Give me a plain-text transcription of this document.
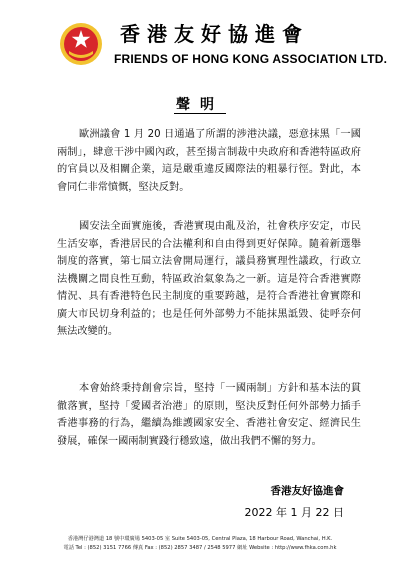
香港友好協進會
FRIENDS OF HONG KONG ASSOCIATION LTD.
聲明

歐洲議會 1 月 20 日通過了所謂的涉港決議，惡意抹黑「一國兩制」，肆意干涉中國內政，甚至揚言制裁中央政府和香港特區政府的官員以及相關企業，這是嚴重違反國際法的粗暴行徑。對此，本會同仁非常憤慨，堅決反對。

國安法全面實施後，香港實現由亂及治，社會秩序安定，市民生活安寧，香港居民的合法權利和自由得到更好保障。隨着新選舉制度的落實，第七屆立法會開局運行，議員務實理性議政，行政立法機關之間良性互動，特區政治氣象為之一新。這是符合香港實際情況、具有香港特色民主制度的重要跨越，是符合香港社會實際和廣大市民切身利益的；也是任何外部勢力不能抹黑詆毀、徒呼奈何無法改變的。

本會始終秉持創會宗旨，堅持「一國兩制」方針和基本法的貫徹落實，堅持「愛國者治港」的原則，堅決反對任何外部勢力插手香港事務的行為，繼續為維護國家安全、香港社會安定、經濟民生發展，確保一國兩制實踐行穩致遠，做出我們不懈的努力。

香港友好協進會
2022 年 1 月 22 日
香港灣仔港灣道 18 號中環廣場 5403-05 室 Suite 5403-05, Central Plaza, 18 Harbour Road, Wanchai, H.K.
電話 Tel : (852) 3151 7766 傳真 Fax : (852) 2857 3487 / 2548 5977 網址 Website : http://www.fhka.com.hk
